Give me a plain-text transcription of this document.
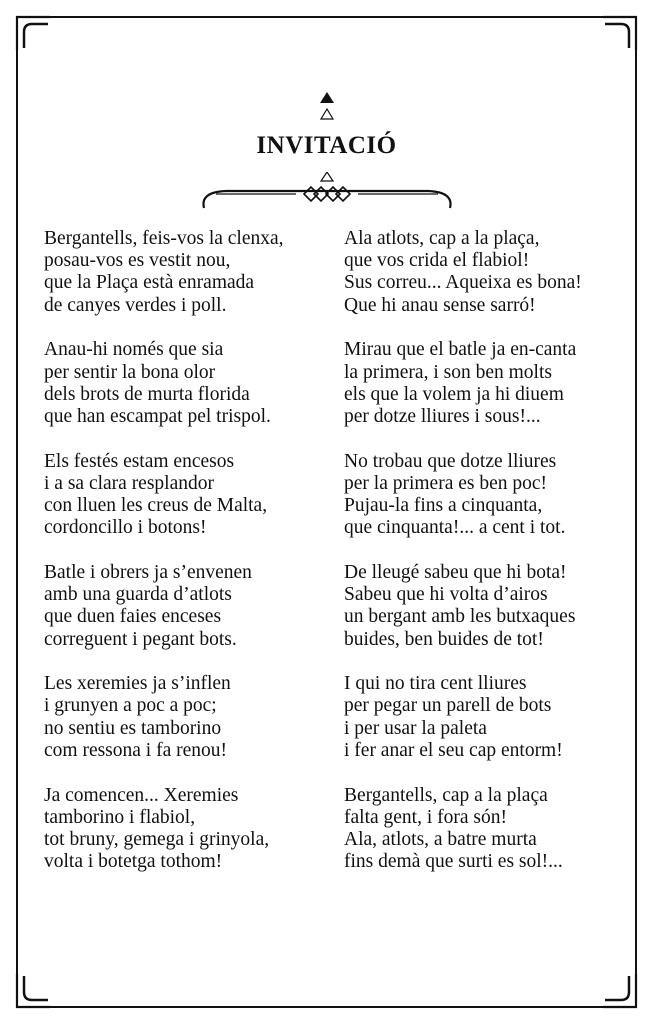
INVITACIÓ
Bergantells, feis-vos la clenxa,
posau-vos es vestit nou,
que la Plaça està enramada
de canyes verdes i poll.
Anau-hi només que sia
per sentir la bona olor
dels brots de murta florida
que han escampat pel trispol.
Els festés estam encesos
i a sa clara resplandor
con lluen les creus de Malta,
cordoncillo i botons!
Batle i obrers ja s’envenen
amb una guarda d’atlots
que duen faies enceses
correguent i pegant bots.
Les xeremies ja s’inflen
i grunyen a poc a poc;
no sentiu es tamborino
com ressona i fa renou!
Ja comencen... Xeremies
tamborino i flabiol,
tot bruny, gemega i grinyola,
volta i botetga tothom!
Ala atlots, cap a la plaça,
que vos crida el flabiol!
Sus correu... Aqueixa es bona!
Que hi anau sense sarró!
Mirau que el batle ja en-canta
la primera, i son ben molts
els que la volem ja hi diuem
per dotze lliures i sous!...
No trobau que dotze lliures
per la primera es ben poc!
Pujau-la fins a cinquanta,
que cinquanta!... a cent i tot.
De lleugé sabeu que hi bota!
Sabeu que hi volta d’airos
un bergant amb les butxaques
buides, ben buides de tot!
I qui no tira cent lliures
per pegar un parell de bots
i per usar la paleta
i fer anar el seu cap entorm!
Bergantells, cap a la plaça
falta gent, i fora són!
Ala, atlots, a batre murta
fins demà que surti es sol!...
